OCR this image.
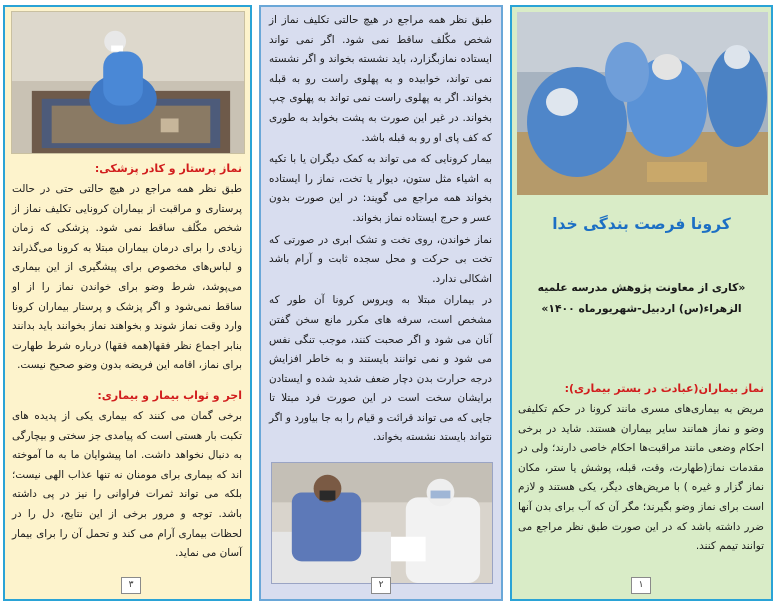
نماز پرستار و کادر پزشکی:

طبق نظر همه مراجع در هیچ حالتی حتی در حالت پرستاری و مراقبت از بیماران کرونایی تکلیف نماز از شخص مکّلف ساقط نمی شود. پزشکی که زمان زیادی را برای درمان بیماران مبتلا به کرونا می‌گذراند و لباس‌های مخصوص برای پیشگیری از این بیماری می‌پوشد، شرط وضو برای خواندن نماز را از او ساقط نمی‌شود و اگر پزشک و پرستار بیماران کرونا وارد وقت نماز شوند و بخواهند نماز بخوانند باید بدانند بنابر اجماع نظر فقها(همه فقها) درباره شرط طهارت برای نماز، اقامه این فریضه بدون وضو صحیح نیست.

اجر و ثواب بیمار و بیماری:

برخی گمان می کنند که بیماری یکی از پدیده های تکبت بار هستی است که پیامدی جز سختی و بیچارگی به دنبال نخواهد داشت. اما پیشوایان ما به ما آموخته اند که بیماری برای مومنان نه تنها عذاب الهی نیست؛ بلکه می تواند ثمرات فراوانی را نیز در پی داشته باشد. توجه و مرور برخی از این نتایج، دل را در لحظات بیماری آرام می کند و تحمل آن را برای بیمار آسان می نماید.

۳

طبق نظر همه مراجع در هیچ حالتی تکلیف نماز از شخص مکّلف ساقط نمی شود. اگر نمی تواند ایستاده نمازبگزارد، باید نشسته بخواند و اگر نشسته نمی تواند، خوابیده و به پهلوی راست رو به قبله بخواند. اگر به پهلوی راست نمی تواند به پهلوی چپ بخواند. در غیر این صورت به پشت بخوابد به طوری که کف پای او رو به قبله باشد.

بیمار کرونایی که می تواند به کمک دیگران یا با تکیه به اشیاء مثل ستون، دیوار یا تخت، نماز را ایستاده بخواند همه مراجع می گویند: در این صورت بدون عسر و حرج ایستاده نماز بخواند.

نماز خواندن، روی تخت و تشک ابری در صورتی که تخت بی حرکت و محل سجده ثابت و آرام باشد اشکالی ندارد.

در بیماران مبتلا به ویروس کرونا آن طور که مشخص است، سرفه های مکرر مانع سخن گفتن آنان می شود و اگر صحبت کنند، موجب تنگی نفس می شود و نمی توانند بایستند و به خاطر افزایش درجه حرارت بدن دچار ضعف شدید شده و ایستادن برایشان سخت است در این صورت فرد مبتلا تا جایی که می تواند قرائت و قیام را به جا بیاورد و اگر نتواند بایستد نشسته بخواند.

۲
کرونا فرصت بندگی خدا
«کاری از معاونت پژوهش مدرسه علمیه الزهراء(س) اردبیل-شهریورماه ۱۴۰۰»

نماز بیماران(عبادت در بستر بیماری):

مریض به بیماری‌های مسری مانند کرونا در حکم تکلیفی وضو و نماز همانند سایر بیماران هستند. شاید در برخی احکام وضعی مانند مراقبت‌ها احکام خاصی دارند؛ ولی در مقدمات نماز(طهارت، وقت، قبله، پوشش یا ستر، مکان نماز گزار و غیره ) با مریض‌های دیگر، یکی هستند و لازم است برای نماز وضو بگیرند؛ مگر آن که آب برای بدن آنها ضرر داشته باشد که در این صورت طبق نظر مراجع می توانند تیمم کنند.

۱
